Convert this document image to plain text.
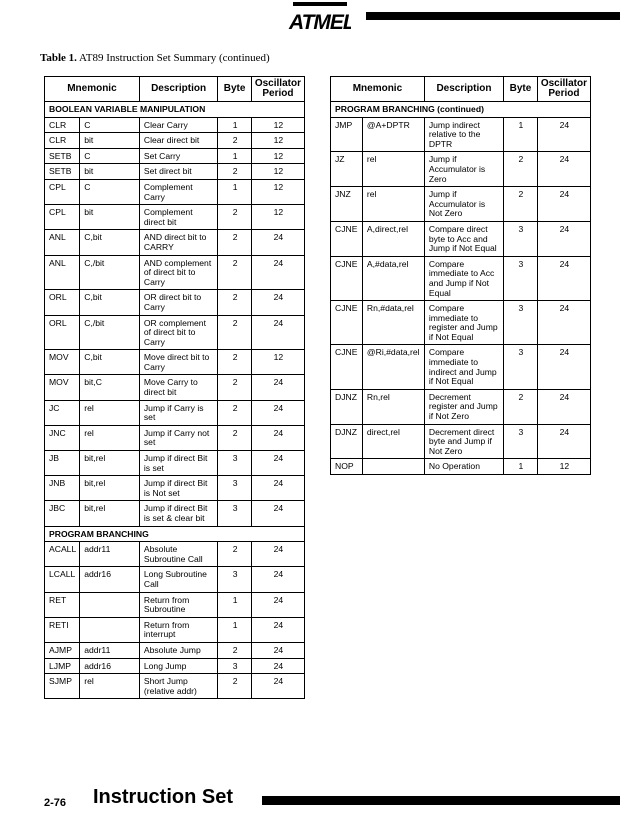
ATMEL
Table 1. AT89 Instruction Set Summary (continued)
Mnemonic		Description	Byte	Oscillator Period
BOOLEAN VARIABLE MANIPULATION				
CLR	C	Clear Carry	1	12
CLR	bit	Clear direct bit	2	12
SETB	C	Set Carry	1	12
SETB	bit	Set direct bit	2	12
CPL	C	Complement Carry	1	12
CPL	bit	Complement direct bit	2	12
ANL	C,bit	AND direct bit to CARRY	2	24
ANL	C,/bit	AND complement of direct bit to Carry	2	24
ORL	C,bit	OR direct bit to Carry	2	24
ORL	C,/bit	OR complement of direct bit to Carry	2	24
MOV	C,bit	Move direct bit to Carry	2	12
MOV	bit,C	Move Carry to direct bit	2	24
JC	rel	Jump if Carry is set	2	24
JNC	rel	Jump if Carry not set	2	24
JB	bit,rel	Jump if direct Bit is set	3	24
JNB	bit,rel	Jump if direct Bit is Not set	3	24
JBC	bit,rel	Jump if direct Bit is set & clear bit	3	24
PROGRAM BRANCHING				
ACALL	addr11	Absolute Subroutine Call	2	24
LCALL	addr16	Long Subroutine Call	3	24
RET		Return from Subroutine	1	24
RETI		Return from interrupt	1	24
AJMP	addr11	Absolute Jump	2	24
LJMP	addr16	Long Jump	3	24
SJMP	rel	Short Jump (relative addr)	2	24
Mnemonic		Description	Byte	Oscillator Period
PROGRAM BRANCHING (continued)				
JMP	@A+DPTR	Jump indirect relative to the DPTR	1	24
JZ	rel	Jump if Accumulator is Zero	2	24
JNZ	rel	Jump if Accumulator is Not Zero	2	24
CJNE	A,direct,rel	Compare direct byte to Acc and Jump if Not Equal	3	24
CJNE	A,#data,rel	Compare immediate to Acc and Jump if Not Equal	3	24
CJNE	Rn,#data,rel	Compare immediate to register and Jump if Not Equal	3	24
CJNE	@Ri,#data,rel	Compare immediate to indirect and Jump if Not Equal	3	24
DJNZ	Rn,rel	Decrement register and Jump if Not Zero	2	24
DJNZ	direct,rel	Decrement direct byte and Jump if Not Zero	3	24
NOP		No Operation	1	12
2-76 Instruction Set
